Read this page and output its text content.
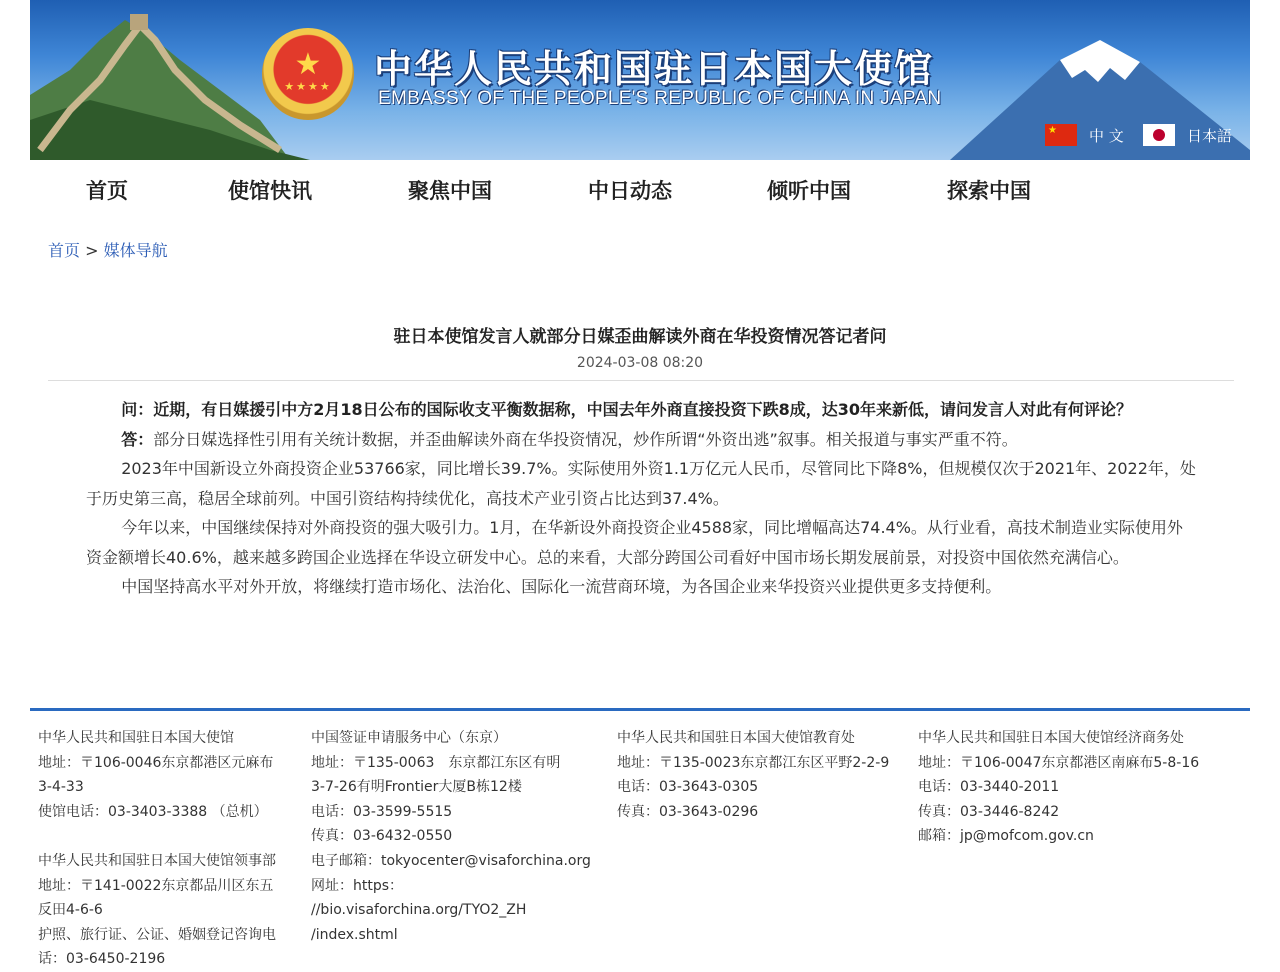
★
★★★★	中华人民共和国驻日本国大使馆
EMBASSY OF THE PEOPLE'S REPUBLIC OF CHINA IN JAPAN
★
中 文	日本語
首页	使馆快讯	聚焦中国	中日动态	倾听中国	探索中国
首页 > 媒体导航
驻日本使馆发言人就部分日媒歪曲解读外商在华投资情况答记者问
2024-03-08 08:20

问：近期，有日媒援引中方2月18日公布的国际收支平衡数据称，中国去年外商直接投资下跌8成，达30年来新低，请问发言人对此有何评论？

答：部分日媒选择性引用有关统计数据，并歪曲解读外商在华投资情况，炒作所谓“外资出逃”叙事。相关报道与事实严重不符。

2023年中国新设立外商投资企业53766家，同比增长39.7%。实际使用外资1.1万亿元人民币，尽管同比下降8%，但规模仅次于2021年、2022年，处于历史第三高，稳居全球前列。中国引资结构持续优化，高技术产业引资占比达到37.4%。

今年以来，中国继续保持对外商投资的强大吸引力。1月，在华新设外商投资企业4588家，同比增幅高达74.4%。从行业看，高技术制造业实际使用外资金额增长40.6%，越来越多跨国企业选择在华设立研发中心。总的来看，大部分跨国公司看好中国市场长期发展前景，对投资中国依然充满信心。

中国坚持高水平对外开放，将继续打造市场化、法治化、国际化一流营商环境，为各国企业来华投资兴业提供更多支持便利。

中华人民共和国驻日本国大使馆
地址：〒106-0046东京都港区元麻布
3-4-33
使馆电话：03-3403-3388 （总机）
中华人民共和国驻日本国大使馆领事部
地址：〒141-0022东京都品川区东五
反田4-6-6
护照、旅行证、公证、婚姻登记咨询电
话：03-6450-2196
中国签证申请服务中心（东京）
地址：〒135-0063　东京都江东区有明
3-7-26有明Frontier大厦B栋12楼
电话：03-3599-5515
传真：03-6432-0550
电子邮箱：tokyocenter@visaforchina.org
网址：https：
//bio.visaforchina.org/TYO2_ZH
/index.shtml
中华人民共和国驻日本国大使馆教育处
地址：〒135-0023东京都江东区平野2-2-9
电话：03-3643-0305
传真：03-3643-0296
中华人民共和国驻日本国大使馆经济商务处
地址：〒106-0047东京都港区南麻布5-8-16
电话：03-3440-2011
传真：03-3446-8242
邮箱：jp@mofcom.gov.cn
